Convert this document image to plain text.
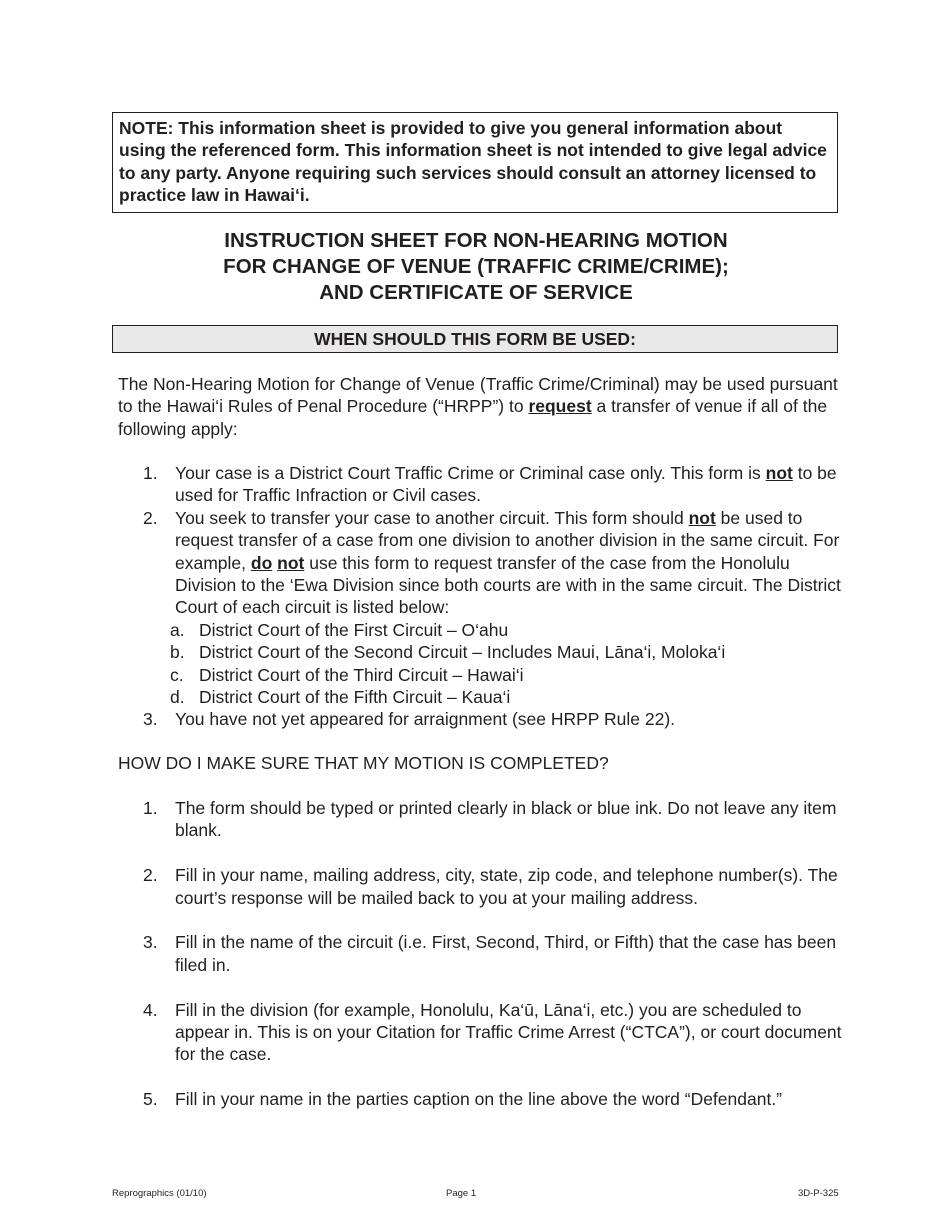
NOTE: This information sheet is provided to give you general information about using the referenced form. This information sheet is not intended to give legal advice to any party. Anyone requiring such services should consult an attorney licensed to practice law in Hawai‘i.
INSTRUCTION SHEET FOR NON-HEARING MOTION
FOR CHANGE OF VENUE (TRAFFIC CRIME/CRIME);
AND CERTIFICATE OF SERVICE
WHEN SHOULD THIS FORM BE USED:
The Non-Hearing Motion for Change of Venue (Traffic Crime/Criminal) may be used pursuant to the Hawai‘i Rules of Penal Procedure (“HRPP”) to request a transfer of venue if all of the following apply:
1. Your case is a District Court Traffic Crime or Criminal case only. This form is not to be used for Traffic Infraction or Civil cases.
2. You seek to transfer your case to another circuit. This form should not be used to request transfer of a case from one division to another division in the same circuit. For example, do not use this form to request transfer of the case from the Honolulu Division to the ‘Ewa Division since both courts are with in the same circuit. The District Court of each circuit is listed below:
a. District Court of the First Circuit – O‘ahu
b. District Court of the Second Circuit – Includes Maui, Lāna‘i, Moloka‘i
c. District Court of the Third Circuit – Hawai‘i
d. District Court of the Fifth Circuit – Kaua‘i
3. You have not yet appeared for arraignment (see HRPP Rule 22).
HOW DO I MAKE SURE THAT MY MOTION IS COMPLETED?
1. The form should be typed or printed clearly in black or blue ink. Do not leave any item blank.
2. Fill in your name, mailing address, city, state, zip code, and telephone number(s). The court’s response will be mailed back to you at your mailing address.
3. Fill in the name of the circuit (i.e. First, Second, Third, or Fifth) that the case has been filed in.
4. Fill in the division (for example, Honolulu, Ka‘ū, Lāna‘i, etc.) you are scheduled to appear in. This is on your Citation for Traffic Crime Arrest (“CTCA”), or court document for the case.
5. Fill in your name in the parties caption on the line above the word “Defendant.”
Reprographics (01/10)	Page 1	3D-P-325
